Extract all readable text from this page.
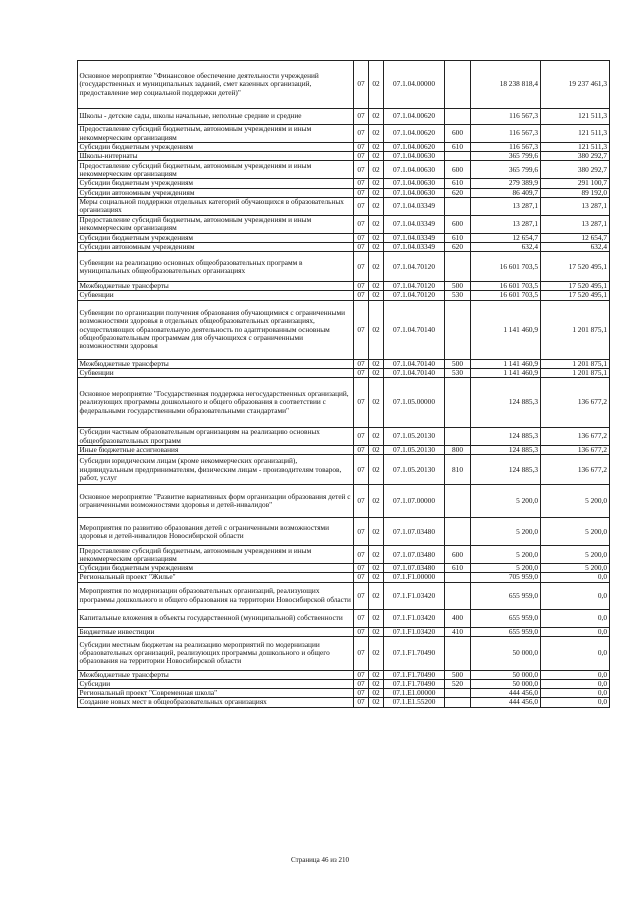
Основное мероприятие "Финансовое обеспечение деятельности учреждений (государственных и муниципальных заданий, смет казенных организаций, предоставление мер социальной поддержки детей)"	07	02	07.1.04.00000		18 238 818,4	19 237 461,3
Школы - детские сады, школы начальные, неполные средние и средние	07	02	07.1.04.00620		116 567,3	121 511,3
Предоставление субсидий бюджетным, автономным учреждениям и иным некоммерческим организациям	07	02	07.1.04.00620	600	116 567,3	121 511,3
Субсидии бюджетным учреждениям	07	02	07.1.04.00620	610	116 567,3	121 511,3
Школы-интернаты	07	02	07.1.04.00630		365 799,6	380 292,7
Предоставление субсидий бюджетным, автономным учреждениям и иным некоммерческим организациям	07	02	07.1.04.00630	600	365 799,6	380 292,7
Субсидии бюджетным учреждениям	07	02	07.1.04.00630	610	279 389,9	291 100,7
Субсидии автономным учреждениям	07	02	07.1.04.00630	620	86 409,7	89 192,0
Меры социальной поддержки отдельных категорий обучающихся в образовательных организациях	07	02	07.1.04.03349		13 287,1	13 287,1
Предоставление субсидий бюджетным, автономным учреждениям и иным некоммерческим организациям	07	02	07.1.04.03349	600	13 287,1	13 287,1
Субсидии бюджетным учреждениям	07	02	07.1.04.03349	610	12 654,7	12 654,7
Субсидии автономным учреждениям	07	02	07.1.04.03349	620	632,4	632,4
Субвенции на реализацию основных общеобразовательных программ в муниципальных общеобразовательных организациях	07	02	07.1.04.70120		16 601 703,5	17 520 495,1
Межбюджетные трансферты	07	02	07.1.04.70120	500	16 601 703,5	17 520 495,1
Субвенции	07	02	07.1.04.70120	530	16 601 703,5	17 520 495,1
Субвенции по организации получения образования обучающимися с ограниченными возможностями здоровья в отдельных общеобразовательных организациях, осуществляющих образовательную деятельность по адаптированным основным общеобразовательным программам для обучающихся с ограниченными возможностями здоровья	07	02	07.1.04.70140		1 141 460,9	1 201 875,1
Межбюджетные трансферты	07	02	07.1.04.70140	500	1 141 460,9	1 201 875,1
Субвенции	07	02	07.1.04.70140	530	1 141 460,9	1 201 875,1
Основное мероприятие "Государственная поддержка негосударственных организаций, реализующих программы дошкольного и общего образования в соответствии с федеральными государственными образовательными стандартами"	07	02	07.1.05.00000		124 885,3	136 677,2
Субсидии частным образовательным организациям на реализацию основных общеобразовательных программ	07	02	07.1.05.20130		124 885,3	136 677,2
Иные бюджетные ассигнования	07	02	07.1.05.20130	800	124 885,3	136 677,2
Субсидии юридическим лицам (кроме некоммерческих организаций), индивидуальным предпринимателям, физическим лицам - производителям товаров, работ, услуг	07	02	07.1.05.20130	810	124 885,3	136 677,2
Основное мероприятие "Развитие вариативных форм организации образования детей с ограниченными возможностями здоровья и детей-инвалидов"	07	02	07.1.07.00000		5 200,0	5 200,0
Мероприятия по развитию образования детей с ограниченными возможностями здоровья и детей-инвалидов Новосибирской области	07	02	07.1.07.03480		5 200,0	5 200,0
Предоставление субсидий бюджетным, автономным учреждениям и иным некоммерческим организациям	07	02	07.1.07.03480	600	5 200,0	5 200,0
Субсидии бюджетным учреждениям	07	02	07.1.07.03480	610	5 200,0	5 200,0
Региональный проект "Жилье"	07	02	07.1.F1.00000		705 959,0	0,0
Мероприятия по модернизации образовательных организаций, реализующих программы дошкольного и общего образования на территории Новосибирской области	07	02	07.1.F1.03420		655 959,0	0,0
Капитальные вложения в объекты государственной (муниципальной) собственности	07	02	07.1.F1.03420	400	655 959,0	0,0
Бюджетные инвестиции	07	02	07.1.F1.03420	410	655 959,0	0,0
Субсидии местным бюджетам на реализацию мероприятий по модернизации образовательных организаций, реализующих программы дошкольного и общего образования на территории Новосибирской области	07	02	07.1.F1.70490		50 000,0	0,0
Межбюджетные трансферты	07	02	07.1.F1.70490	500	50 000,0	0,0
Субсидии	07	02	07.1.F1.70490	520	50 000,0	0,0
Региональный проект "Современная школа"	07	02	07.1.E1.00000		444 456,0	0,0
Создание новых мест в общеобразовательных организациях	07	02	07.1.E1.55200		444 456,0	0,0
Страница 46 из 210
